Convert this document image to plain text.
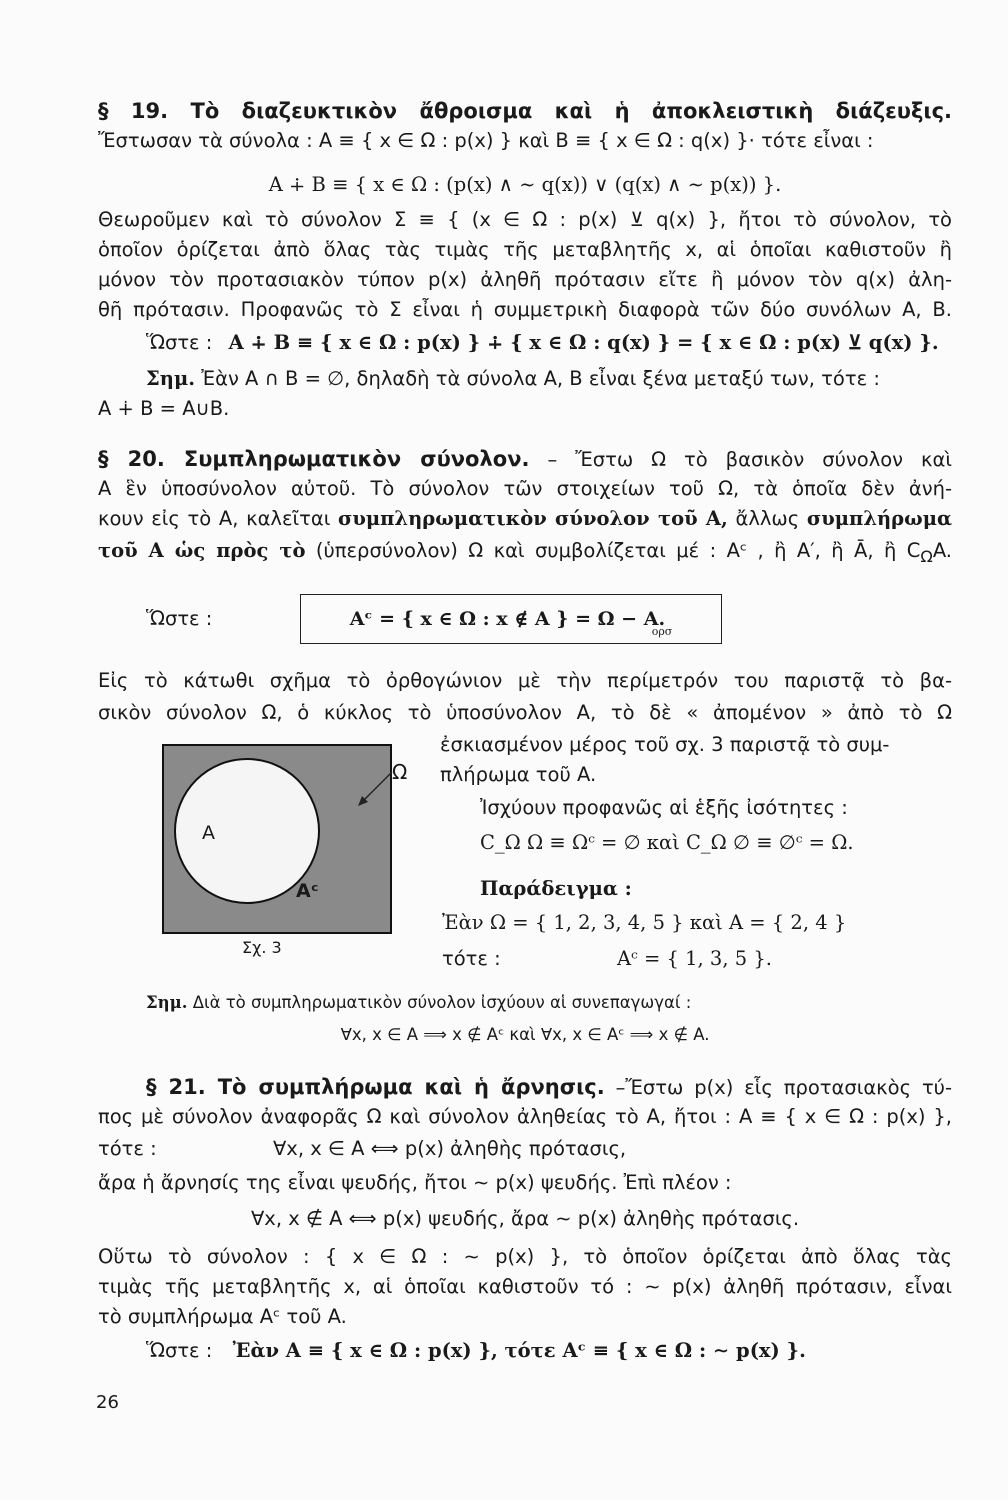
§ 19. Τὸ διαζευκτικὸν ἄθροισμα καὶ ἡ ἀποκλειστικὴ διάζευξις.
Ἔστωσαν τὰ σύνολα : A ≡ { x ∈ Ω : p(x) } καὶ B ≡ { x ∈ Ω : q(x) }· τότε εἶναι :
A ∔ B ≡ { x ∈ Ω : (p(x) ∧ ∼ q(x)) ∨ (q(x) ∧ ∼ p(x)) }.
Θεωροῦμεν καὶ τὸ σύνολον Σ ≡ { (x ∈ Ω : p(x) ⊻ q(x) }, ἤτοι τὸ σύνολον, τὸ
ὁποῖον ὁρίζεται ἀπὸ ὅλας τὰς τιμὰς τῆς μεταβλητῆς x, αἱ ὁποῖαι καθιστοῦν ἢ
μόνον τὸν προτασιακὸν τύπον p(x) ἀληθῆ πρότασιν εἴτε ἢ μόνον τὸν q(x) ἀλη-
θῆ πρότασιν. Προφανῶς τὸ Σ εἶναι ἡ συμμετρικὴ διαφορὰ τῶν δύο συνόλων A, B.
Ὥστε : A ∔ B ≡ { x ∈ Ω : p(x) } ∔ { x ∈ Ω : q(x) } = { x ∈ Ω : p(x) ⊻ q(x) }.
Σημ. Ἐὰν A ∩ B = ∅, δηλαδὴ τὰ σύνολα A, B εἶναι ξένα μεταξύ των, τότε :
A ∔ B = A∪B.
§ 20. Συμπληρωματικὸν σύνολον. – Ἔστω Ω τὸ βασικὸν σύνολον καὶ
A ἓν ὑποσύνολον αὐτοῦ. Τὸ σύνολον τῶν στοιχείων τοῦ Ω, τὰ ὁποῖα δὲν ἀνή-
κουν εἰς τὸ A, καλεῖται συμπληρωματικὸν σύνολον τοῦ A, ἄλλως συμπλήρωμα
τοῦ A ὡς πρὸς τὸ (ὑπερσύνολον) Ω καὶ συμβολίζεται μέ : Aᶜ , ἢ A′, ἢ Ā, ἢ $C_\Omega A$.
Ὥστε :	Aᶜ = { x ∈ Ω : x ∉ A } = Ω − A. $_{o\rho\sigma}$
Εἰς τὸ κάτωθι σχῆμα τὸ ὀρθογώνιον μὲ τὴν περίμετρόν του παριστᾷ τὸ βα-
σικὸν σύνολον Ω, ὁ κύκλος τὸ ὑποσύνολον A, τὸ δὲ « ἀπομένον » ἀπὸ τὸ Ω
ἐσκιασμένον μέρος τοῦ σχ. 3 παριστᾷ τὸ συμ-
πλήρωμα τοῦ A.
Ἰσχύουν προφανῶς αἱ ἑξῆς ἰσότητες :
C_Ω Ω ≡ Ωᶜ = ∅ καὶ C_Ω ∅ ≡ ∅ᶜ = Ω.
Παράδειγμα :
Ἐὰν Ω = { 1, 2, 3, 4, 5 } καὶ A = { 2, 4 }
τότε :	Aᶜ = { 1, 3, 5 }.
A
Aᶜ
Ω
Σχ. 3
Σημ. Διὰ τὸ συμπληρωματικὸν σύνολον ἰσχύουν αἱ συνεπαγωγαί :
∀x, x ∈ A ⟹ x ∉ Aᶜ καὶ ∀x, x ∈ Aᶜ ⟹ x ∉ A.
§ 21. Τὸ συμπλήρωμα καὶ ἡ ἄρνησις. –Ἔστω p(x) εἷς προτασιακὸς τύ-
πος μὲ σύνολον ἀναφορᾶς Ω καὶ σύνολον ἀληθείας τὸ A, ἤτοι : A ≡ { x ∈ Ω : p(x) },
τότε :	∀x, x ∈ A ⟺ p(x) ἀληθὴς πρότασις,
ἄρα ἡ ἄρνησίς της εἶναι ψευδής, ἤτοι ∼ p(x) ψευδής. Ἐπὶ πλέον :
∀x, x ∉ A ⟺ p(x) ψευδής, ἄρα ∼ p(x) ἀληθὴς πρότασις.
Οὕτω τὸ σύνολον : { x ∈ Ω : ∼ p(x) }, τὸ ὁποῖον ὁρίζεται ἀπὸ ὅλας τὰς
τιμὰς τῆς μεταβλητῆς x, αἱ ὁποῖαι καθιστοῦν τό : ∼ p(x) ἀληθῆ πρότασιν, εἶναι
τὸ συμπλήρωμα Aᶜ τοῦ A.
Ὥστε : Ἐὰν A ≡ { x ∈ Ω : p(x) }, τότε Aᶜ ≡ { x ∈ Ω : ∼ p(x) }.
26
